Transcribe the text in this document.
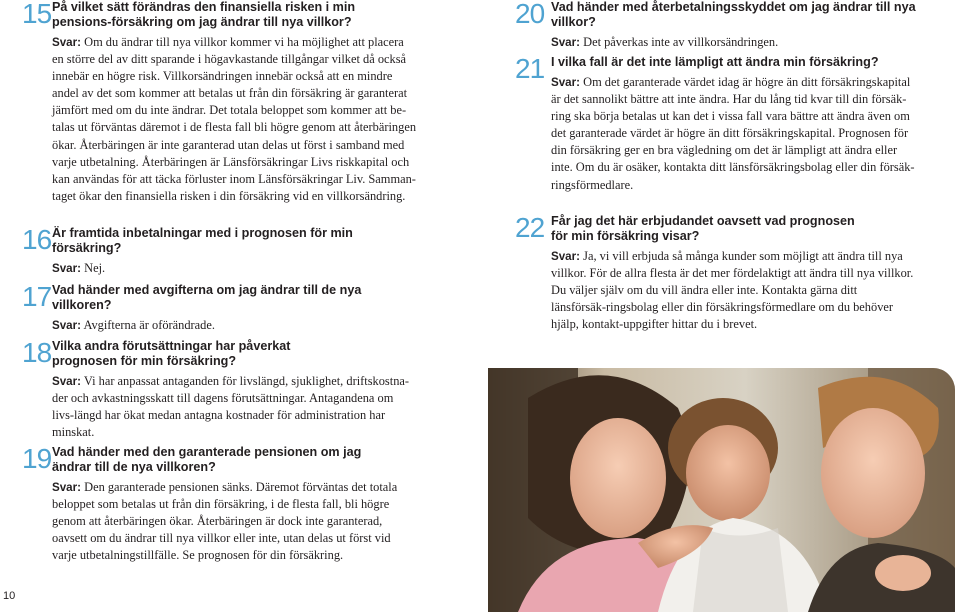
15 På vilket sätt förändras den finansiella risken i min pensions-försäkring om jag ändrar till nya villkor?

Svar: Om du ändrar till nya villkor kommer vi ha möjlighet att placera en större del av ditt sparande i högavkastande tillgångar vilket då också innebär en högre risk. Villkorsändringen innebär också att en mindre andel av det som kommer att betalas ut från din försäkring är garanterat jämfört med om du inte ändrar. Det totala beloppet som kommer att be-talas ut förväntas däremot i de flesta fall bli högre genom att återbäringen ökar. Återbäringen är inte garanterad utan delas ut först i samband med varje utbetalning. Återbäringen är Länsförsäkringar Livs riskkapital och kan användas för att täcka förluster inom Länsförsäkringar Liv. Samman-taget ökar den finansiella risken i din försäkring vid en villkorsändring.

16 Är framtida inbetalningar med i prognosen för min försäkring?

Svar: Nej.

17 Vad händer med avgifterna om jag ändrar till de nya villkoren?

Svar: Avgifterna är oförändrade.

18 Vilka andra förutsättningar har påverkat prognosen för min försäkring?

Svar: Vi har anpassat antaganden för livslängd, sjuklighet, driftskostna-der och avkastningsskatt till dagens förutsättningar. Antagandena om livs-längd har ökat medan antagna kostnader för administration har minskat.

19 Vad händer med den garanterade pensionen om jag ändrar till de nya villkoren?

Svar: Den garanterade pensionen sänks. Däremot förväntas det totala beloppet som betalas ut från din försäkring, i de flesta fall, bli högre genom att återbäringen ökar. Återbäringen är dock inte garanterad, oavsett om du ändrar till nya villkor eller inte, utan delas ut först vid varje utbetalningstillfälle. Se prognosen för din försäkring.

20 Vad händer med återbetalningsskyddet om jag ändrar till nya villkor?

Svar: Det påverkas inte av villkorsändringen.

21 I vilka fall är det inte lämpligt att ändra min försäkring?

Svar: Om det garanterade värdet idag är högre än ditt försäkringskapital är det sannolikt bättre att inte ändra. Har du lång tid kvar till din försäk-ring ska börja betalas ut kan det i vissa fall vara bättre att ändra även om det garanterade värdet är högre än ditt försäkringskapital. Prognosen för din försäkring ger en bra vägledning om det är lämpligt att ändra eller inte. Om du är osäker, kontakta ditt länsförsäkringsbolag eller din försäk-ringsförmedlare.

22 Får jag det här erbjudandet oavsett vad prognosen för min försäkring visar?

Svar: Ja, vi vill erbjuda så många kunder som möjligt att ändra till nya villkor. För de allra flesta är det mer fördelaktigt att ändra till nya villkor. Du väljer själv om du vill ändra eller inte. Kontakta gärna ditt länsförsäk-ringsbolag eller din försäkringsförmedlare om du behöver hjälp, kontakt-uppgifter hittar du i brevet.

10
